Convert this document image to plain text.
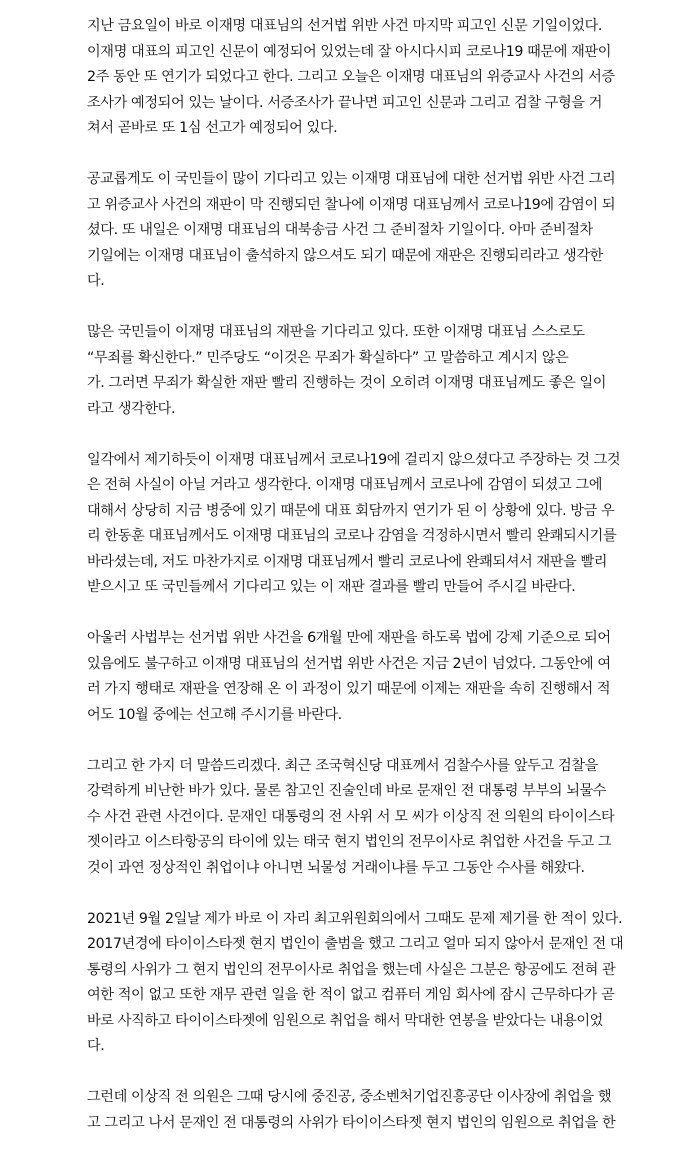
지난 금요일이 바로 이재명 대표님의 선거법 위반 사건 마지막 피고인 신문 기일이었다.
이재명 대표의 피고인 신문이 예정되어 있었는데 잘 아시다시피 코로나19 때문에 재판이
2주 동안 또 연기가 되었다고 한다. 그리고 오늘은 이재명 대표님의 위증교사 사건의 서증
조사가 예정되어 있는 날이다. 서증조사가 끝나면 피고인 신문과 그리고 검찰 구형을 거
쳐서 곧바로 또 1심 선고가 예정되어 있다.
공교롭게도 이 국민들이 많이 기다리고 있는 이재명 대표님에 대한 선거법 위반 사건 그리
고 위증교사 사건의 재판이 막 진행되던 찰나에 이재명 대표님께서 코로나19에 감염이 되
셨다. 또 내일은 이재명 대표님의 대북송금 사건 그 준비절차 기일이다. 아마 준비절차
기일에는 이재명 대표님이 출석하지 않으셔도 되기 때문에 재판은 진행되리라고 생각한
다.
많은 국민들이 이재명 대표님의 재판을 기다리고 있다. 또한 이재명 대표님 스스로도
“무죄를 확신한다.” 민주당도 “이것은 무죄가 확실하다” 고 말씀하고 계시지 않은
가. 그러면 무죄가 확실한 재판 빨리 진행하는 것이 오히려 이재명 대표님께도 좋은 일이
라고 생각한다.
일각에서 제기하듯이 이재명 대표님께서 코로나19에 걸리지 않으셨다고 주장하는 것 그것
은 전혀 사실이 아닐 거라고 생각한다. 이재명 대표님께서 코로나에 감염이 되셨고 그에
대해서 상당히 지금 병중에 있기 때문에 대표 회담까지 연기가 된 이 상황에 있다. 방금 우
리 한동훈 대표님께서도 이재명 대표님의 코로나 감염을 걱정하시면서 빨리 완쾌되시기를
바라셨는데, 저도 마찬가지로 이재명 대표님께서 빨리 코로나에 완쾌되셔서 재판을 빨리
받으시고 또 국민들께서 기다리고 있는 이 재판 결과를 빨리 만들어 주시길 바란다.
아울러 사법부는 선거법 위반 사건을 6개월 만에 재판을 하도록 법에 강제 기준으로 되어
있음에도 불구하고 이재명 대표님의 선거법 위반 사건은 지금 2년이 넘었다. 그동안에 여
러 가지 행태로 재판을 연장해 온 이 과정이 있기 때문에 이제는 재판을 속히 진행해서 적
어도 10월 중에는 선고해 주시기를 바란다.
그리고 한 가지 더 말씀드리겠다. 최근 조국혁신당 대표께서 검찰수사를 앞두고 검찰을
강력하게 비난한 바가 있다. 물론 참고인 진술인데 바로 문재인 전 대통령 부부의 뇌물수
수 사건 관련 사건이다. 문재인 대통령의 전 사위 서 모 씨가 이상직 전 의원의 타이이스타
젯이라고 이스타항공의 타이에 있는 태국 현지 법인의 전무이사로 취업한 사건을 두고 그
것이 과연 정상적인 취업이냐 아니면 뇌물성 거래이냐를 두고 그동안 수사를 해왔다.
2021년 9월 2일날 제가 바로 이 자리 최고위원회의에서 그때도 문제 제기를 한 적이 있다.
2017년경에 타이이스타젯 현지 법인이 출범을 했고 그리고 얼마 되지 않아서 문재인 전 대
통령의 사위가 그 현지 법인의 전무이사로 취업을 했는데 사실은 그분은 항공에도 전혀 관
여한 적이 없고 또한 재무 관련 일을 한 적이 없고 컴퓨터 게임 회사에 잠시 근무하다가 곧
바로 사직하고 타이이스타젯에 임원으로 취업을 해서 막대한 연봉을 받았다는 내용이었
다.
그런데 이상직 전 의원은 그때 당시에 중진공, 중소벤처기업진흥공단 이사장에 취업을 했
고 그리고 나서 문재인 전 대통령의 사위가 타이이스타젯 현지 법인의 임원으로 취업을 한
